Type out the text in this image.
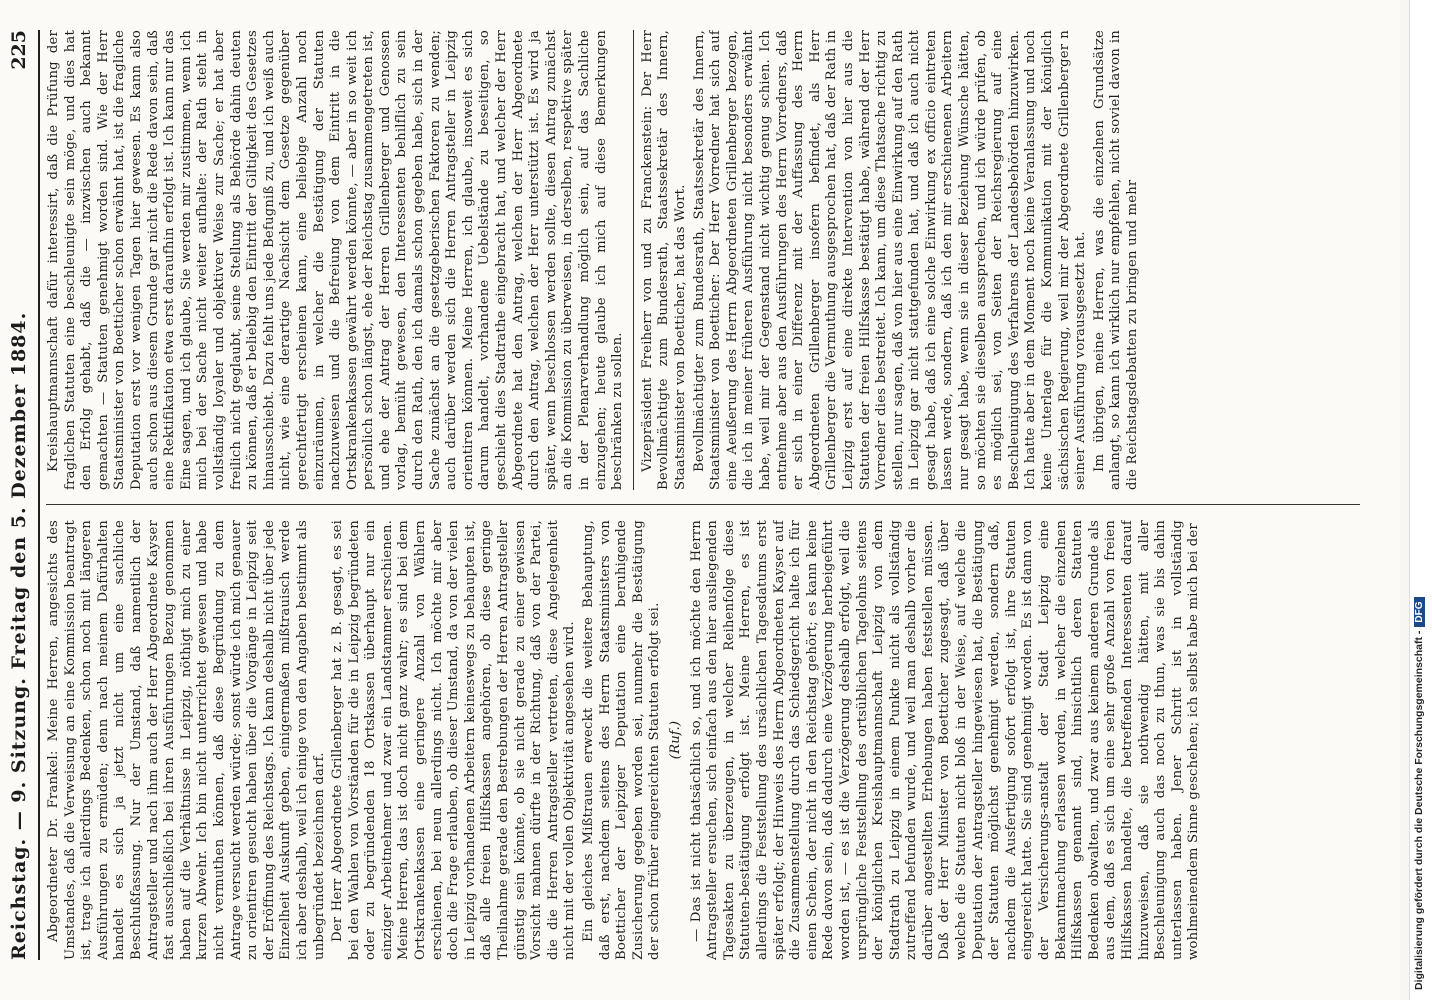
Reichstag. — 9. Sitzung. Freitag den 5. Dezember 1884.
225

Abgeordneter Dr. Frankel: Meine Herren, angesichts des Umstandes, daß die Verweisung an eine Kommission beantragt ist, trage ich allerdings Bedenken, schon noch mit längeren Ausführungen zu ermüden; denn nach meinem Dafürhalten handelt es sich ja jetzt nicht um eine sachliche Beschlußfassung. Nur der Umstand, daß namentlich der Antragsteller und nach ihm auch der Herr Abgeordnete Kayser fast ausschließlich bei ihren Ausführungen Bezug genommen haben auf die Verhältnisse in Leipzig, nöthigt mich zu einer kurzen Abwehr. Ich bin nicht unterrichtet gewesen und habe nicht vermuthen können, daß diese Begründung zu dem Antrage versucht werden würde; sonst würde ich mich genauer zu orientiren gesucht haben über die Vorgänge in Leipzig seit der Eröffnung des Reichstags. Ich kann deshalb nicht über jede Einzelheit Auskunft geben, einigermaßen mißtrauisch werde ich aber deshalb, weil ich einige von den Angaben bestimmt als unbegründet bezeichnen darf. Der Herr Abgeordnete Grillenberger hat z. B. gesagt, es sei bei den Wahlen von Vorständen für die in Leipzig begründeten oder zu begründenden 18 Ortskassen überhaupt nur ein einziger Arbeitnehmer und zwar ein Landstammer erschienen. Meine Herren, das ist doch nicht ganz wahr; es sind bei dem Ortskrankenkassen eine geringere Anzahl von Wählern erschienen, bei neun allerdings nicht. Ich möchte mir aber doch die Frage erlauben, ob dieser Umstand, da von der vielen in Leipzig vorhandenen Arbeitern keineswegs zu behaupten ist, daß alle freien Hilfskassen angehören, ob diese geringe Theilnahme gerade den Bestrebungen der Herren Antragsteller günstig sein könnte, ob sie nicht gerade zu einer gewissen Vorsicht mahnen dürfte in der Richtung, daß von der Partei, die die Herren Antragsteller vertreten, diese Angelegenheit nicht mit der vollen Objektivität angesehen wird. Ein gleiches Mißtrauen erweckt die weitere Behauptung, daß erst, nachdem seitens des Herrn Staatsministers von Boetticher der Leipziger Deputation eine beruhigende Zusicherung gegeben worden sei, nunmehr die Bestätigung der schon früher eingereichten Statuten erfolgt sei. (Ruf.) — Das ist nicht thatsächlich so, und ich möchte den Herrn Antragsteller ersuchen, sich einfach aus den hier ausliegenden Tagesakten zu überzeugen, in welcher Reihenfolge diese Statuten-bestätigung erfolgt ist. Meine Herren, es ist allerdings die Feststellung des ursächlichen Tagesdatums erst später erfolgt; der Hinweis des Herrn Abgeordneten Kayser auf die Zusammenstellung durch das Schiedsgericht halte ich für einen Schein, der nicht in den Reichstag gehört; es kann keine Rede davon sein, daß dadurch eine Verzögerung herbeigeführt worden ist, — es ist die Verzögerung deshalb erfolgt, weil die ursprüngliche Feststellung des ortsüblichen Tagelohns seitens der königlichen Kreishauptmannschaft Leipzig von dem Stadtrath zu Leipzig in einem Punkte nicht als vollständig zutreffend befunden wurde, und weil man deshalb vorher die darüber angestellten Erhebungen haben feststellen müssen. Daß der Herr Minister von Boetticher zugesagt, daß über welche die Statuten nicht bloß in der Weise, auf welche die Deputation der Antragsteller hingewiesen hat, die Bestätigung der Statuten möglichst genehmigt werden, sondern daß, nachdem die Ausfertigung sofort erfolgt ist, ihre Statuten eingereicht hatte. Sie sind genehmigt worden. Es ist dann von der Versicherungs-anstalt der Stadt Leipzig eine Bekanntmachung erlassen worden, in welcher die einzelnen Hilfskassen genannt sind, hinsichtlich deren Statuten Bedenken obwalten, und zwar aus keinem anderen Grunde als aus dem, daß es sich um eine sehr große Anzahl von freien Hilfskassen handelte, die betreffenden Interessenten darauf hinzuweisen, daß sie nothwendig hätten, mit aller Beschleunigung auch das noch zu thun, was sie bis dahin unterlassen haben. Jener Schritt ist in vollständig wohlmeinendem Sinne geschehen; ich selbst habe mich bei der

Kreishauptmannschaft dafür interessirt, daß die Prüfung der fraglichen Statuten eine beschleunigte sein möge, und dies hat den Erfolg gehabt, daß die — inzwischen auch bekannt gemachten — Statuten genehmigt worden sind. Wie der Herr Staatsminister von Boetticher schon erwähnt hat, ist die fragliche Deputation erst vor wenigen Tagen hier gewesen. Es kann also auch schon aus diesem Grunde gar nicht die Rede davon sein, daß eine Rektifikation etwa erst daraufhin erfolgt ist. Ich kann nur das Eine sagen, und ich glaube, Sie werden mir zustimmen, wenn ich mich bei der Sache nicht weiter aufhalte: der Rath steht in vollständig loyaler und objektiver Weise zur Sache; er hat aber freilich nicht geglaubt, seine Stellung als Behörde dahin deuten zu können, daß er beliebig den Eintritt der Giltigkeit des Gesetzes hinausschiebt. Dazu fehlt uns jede Befugniß zu, und ich weiß auch nicht, wie eine derartige Nachsicht dem Gesetze gegenüber gerechtfertigt erscheinen kann, eine beliebige Anzahl noch einzuräumen, in welcher die Bestätigung der Statuten nachzuweisen und die Befreiung von dem Eintritt in die Ortskrankenkassen gewährt werden könnte, — aber in so weit ich persönlich schon längst, ehe der Reichstag zusammengetreten ist, und ehe der Antrag der Herren Grillenberger und Genossen vorlag, bemüht gewesen, den Interessenten behilflich zu sein durch den Rath, den ich damals schon gegeben habe, sich in der Sache zunächst an die gesetzgeberischen Faktoren zu wenden; auch darüber werden sich die Herren Antragsteller in Leipzig orientiren können. Meine Herren, ich glaube, insoweit es sich darum handelt, vorhandene Uebelstände zu beseitigen, so geschieht dies Stadtrathe eingebracht hat, und welcher der Herr Abgeordnete hat den Antrag, welchen der Herr Abgeordnete durch den Antrag, welchen der Herr unterstützt ist. Es wird ja später, wenn beschlossen werden sollte, diesen Antrag zunächst an die Kommission zu überweisen, in derselben, respektive später in der Plenarverhandlung möglich sein, auf das Sachliche einzugehen; heute glaube ich mich auf diese Bemerkungen beschränken zu sollen. Vizepräsident Freiherr von und zu Franckenstein: Der Herr Bevollmächtigte zum Bundesrath, Staatssekretär des Innern, Staatsminister von Boetticher, hat das Wort. Bevollmächtigter zum Bundesrath, Staatssekretär des Innern, Staatsminister von Boetticher: Der Herr Vorredner hat sich auf eine Aeußerung des Herrn Abgeordneten Grillenberger bezogen, die ich in meiner früheren Ausführung nicht besonders erwähnt habe, weil mir der Gegenstand nicht wichtig genug schien. Ich entnehme aber aus den Ausführungen des Herrn Vorredners, daß er sich in einer Differenz mit der Auffassung des Herrn Abgeordneten Grillenberger insofern befindet, als Herr Grillenberger die Vermuthung ausgesprochen hat, daß der Rath in Leipzig erst auf eine direkte Intervention von hier aus die Statuten der freien Hilfskasse bestätigt habe, während der Herr Vorredner dies bestreitet. Ich kann, um diese Thatsache richtig zu stellen, nur sagen, daß von hier aus eine Einwirkung auf den Rath in Leipzig gar nicht stattgefunden hat, und daß ich auch nicht gesagt habe, daß ich eine solche Einwirkung ex officio eintreten lassen werde, sondern, daß ich den mir erschienenen Arbeitern nur gesagt habe, wenn sie in dieser Beziehung Wünsche hätten, so möchten sie dieselben aussprechen, und ich würde prüfen, ob es möglich sei, von Seiten der Reichsregierung auf eine Beschleunigung des Verfahrens der Landesbehörden hinzuwirken. Ich hatte aber in dem Moment noch keine Veranlassung und noch keine Unterlage für die Kommunikation mit der königlich sächsischen Regierung, weil mir der Abgeordnete Grillenberger n seiner Ausführung vorausgesetzt hat. Im übrigen, meine Herren, was die einzelnen Grundsätze anlangt, so kann ich wirklich nur empfehlen, nicht soviel davon in die Reichstagsdebatten zu bringen und mehr

Digitalisierung gefördert durch die Deutsche Forschungsgemeinschaft -DFG
